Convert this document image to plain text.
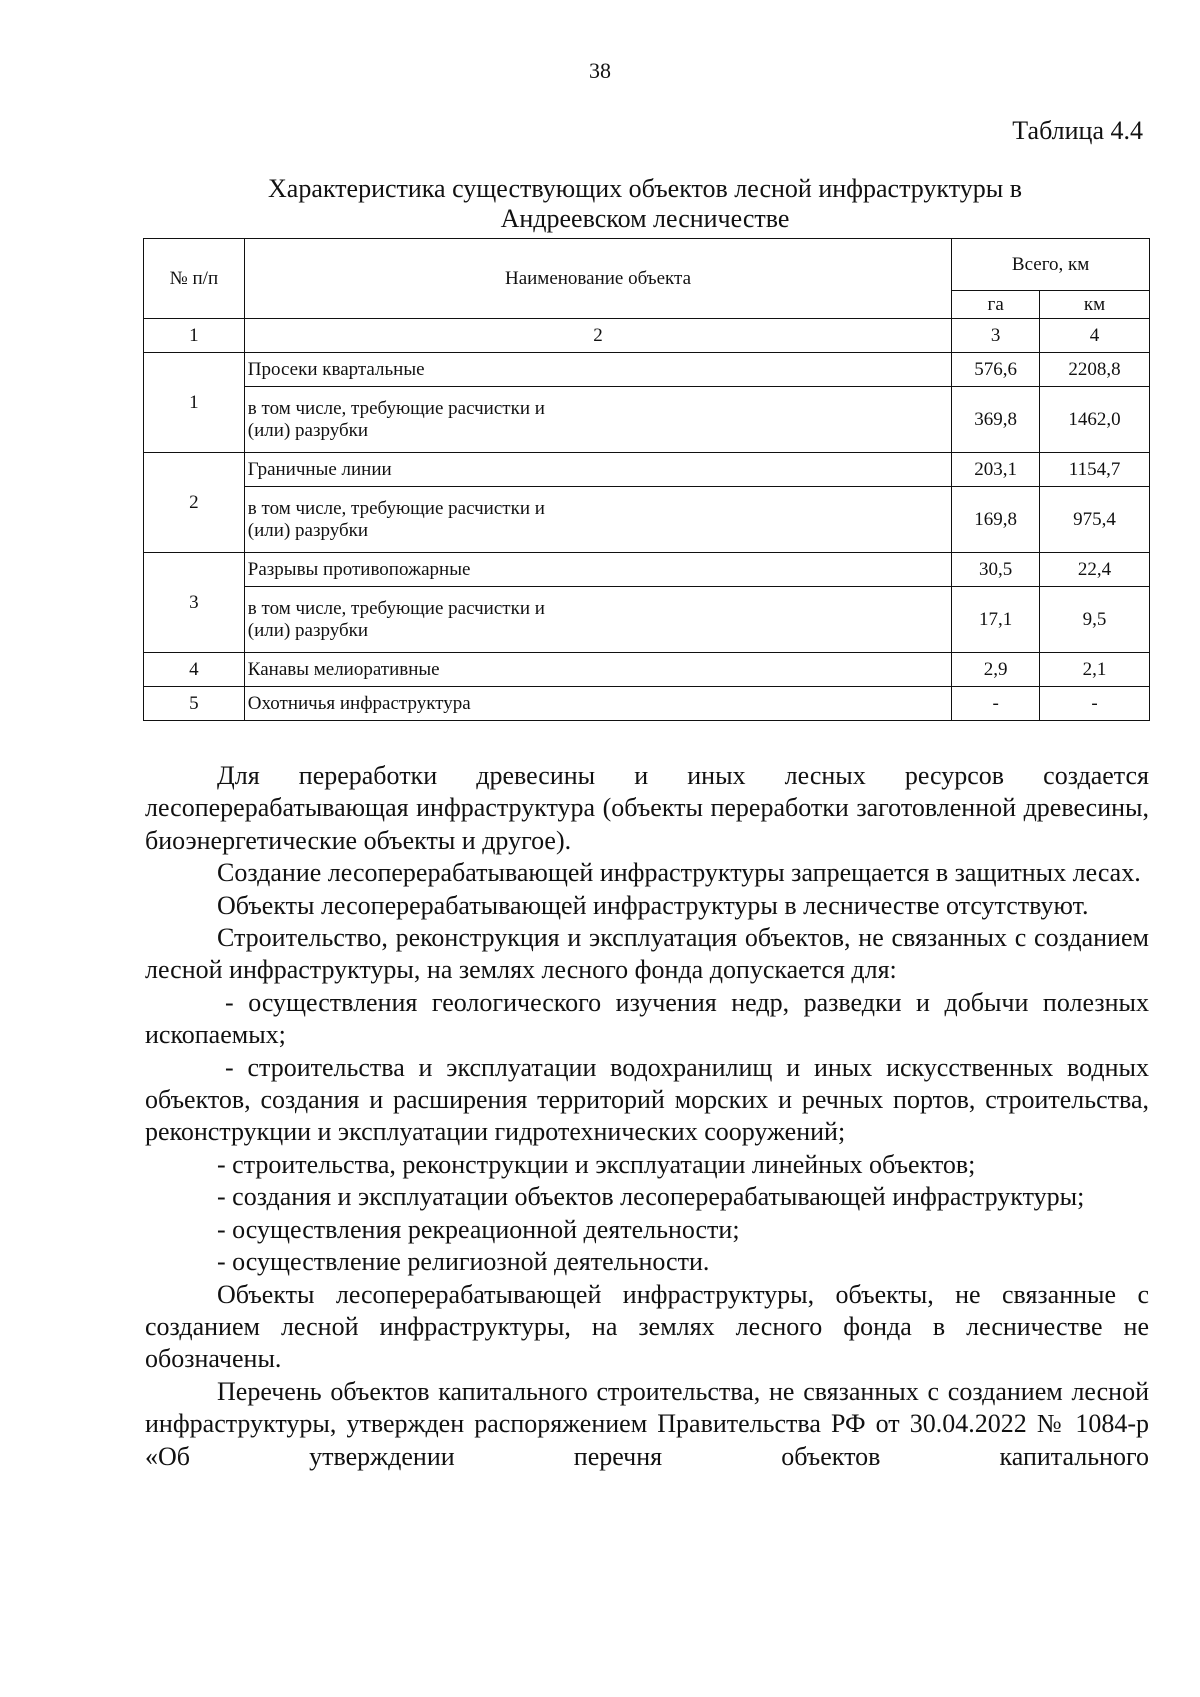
38
Таблица 4.4
Характеристика существующих объектов лесной инфраструктуры в
Андреевском лесничестве
№ п/п	Наименование объекта	Всего, км	
		га	км
1	2	3	4
1	Просеки квартальные	576,6	2208,8
	в том числе, требующие расчистки и (или) разрубки	369,8	1462,0
2	Граничные линии	203,1	1154,7
	в том числе, требующие расчистки и (или) разрубки	169,8	975,4
3	Разрывы противопожарные	30,5	22,4
	в том числе, требующие расчистки и (или) разрубки	17,1	9,5
4	Канавы мелиоративные	2,9	2,1
5	Охотничья инфраструктура	-	-

Для переработки древесины и иных лесных ресурсов создается лесоперерабатывающая инфраструктура (объекты переработки заготовленной древесины, биоэнергетические объекты и другое).

Создание лесоперерабатывающей инфраструктуры запрещается в защитных лесах.

Объекты лесоперерабатывающей инфраструктуры в лесничестве отсутствуют.

Строительство, реконструкция и эксплуатация объектов, не связанных с созданием лесной инфраструктуры, на землях лесного фонда допускается для:

- осуществления геологического изучения недр, разведки и добычи полезных ископаемых;

- строительства и эксплуатации водохранилищ и иных искусственных водных объектов, создания и расширения территорий морских и речных портов, строительства, реконструкции и эксплуатации гидротехнических сооружений;

- строительства, реконструкции и эксплуатации линейных объектов;

- создания и эксплуатации объектов лесоперерабатывающей инфраструктуры;

- осуществления рекреационной деятельности;

- осуществление религиозной деятельности.

Объекты лесоперерабатывающей инфраструктуры, объекты, не связанные с созданием лесной инфраструктуры, на землях лесного фонда в лесничестве не обозначены.

Перечень объектов капитального строительства, не связанных с созданием лесной инфраструктуры, утвержден распоряжением Правительства РФ от 30.04.2022 № 1084-р «Об утверждении перечня объектов капитального
